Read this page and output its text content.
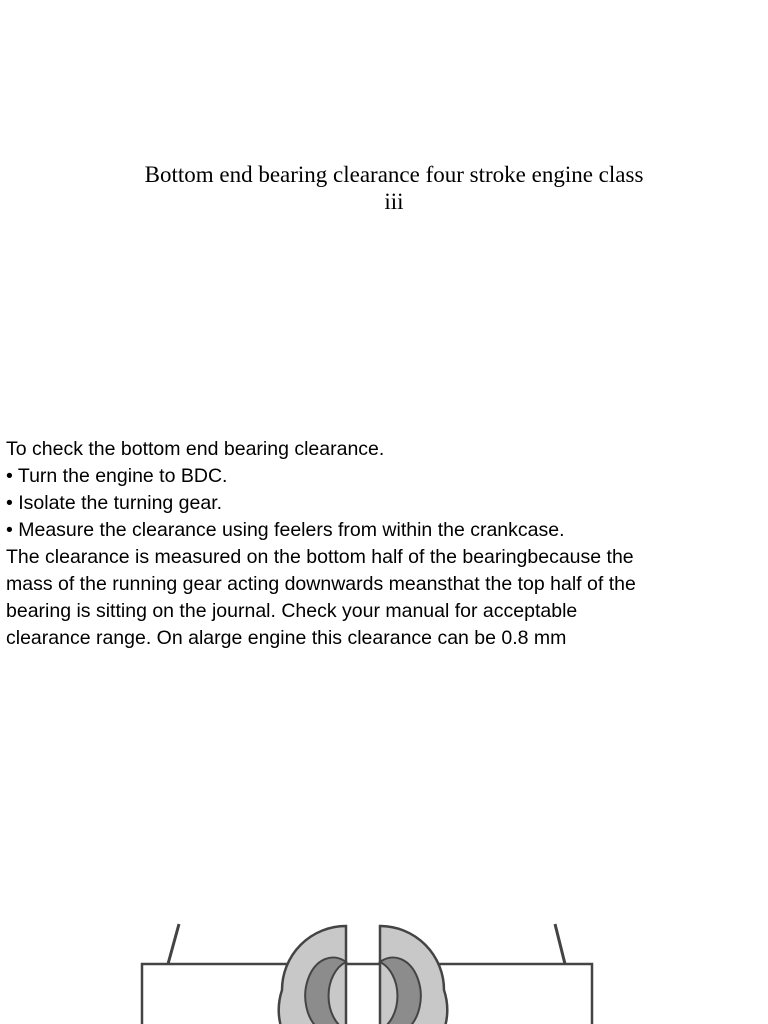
Bottom end bearing clearance four stroke engine class
iii
To check the bottom end bearing clearance.
• Turn the engine to BDC.
• Isolate the turning gear.
• Measure the clearance using feelers from within the crankcase.
The clearance is measured on the bottom half of the bearingbecause the
mass of the running gear acting downwards meansthat the top half of the
bearing is sitting on the journal. Check your manual for acceptable
clearance range. On alarge engine this clearance can be 0.8 mm
